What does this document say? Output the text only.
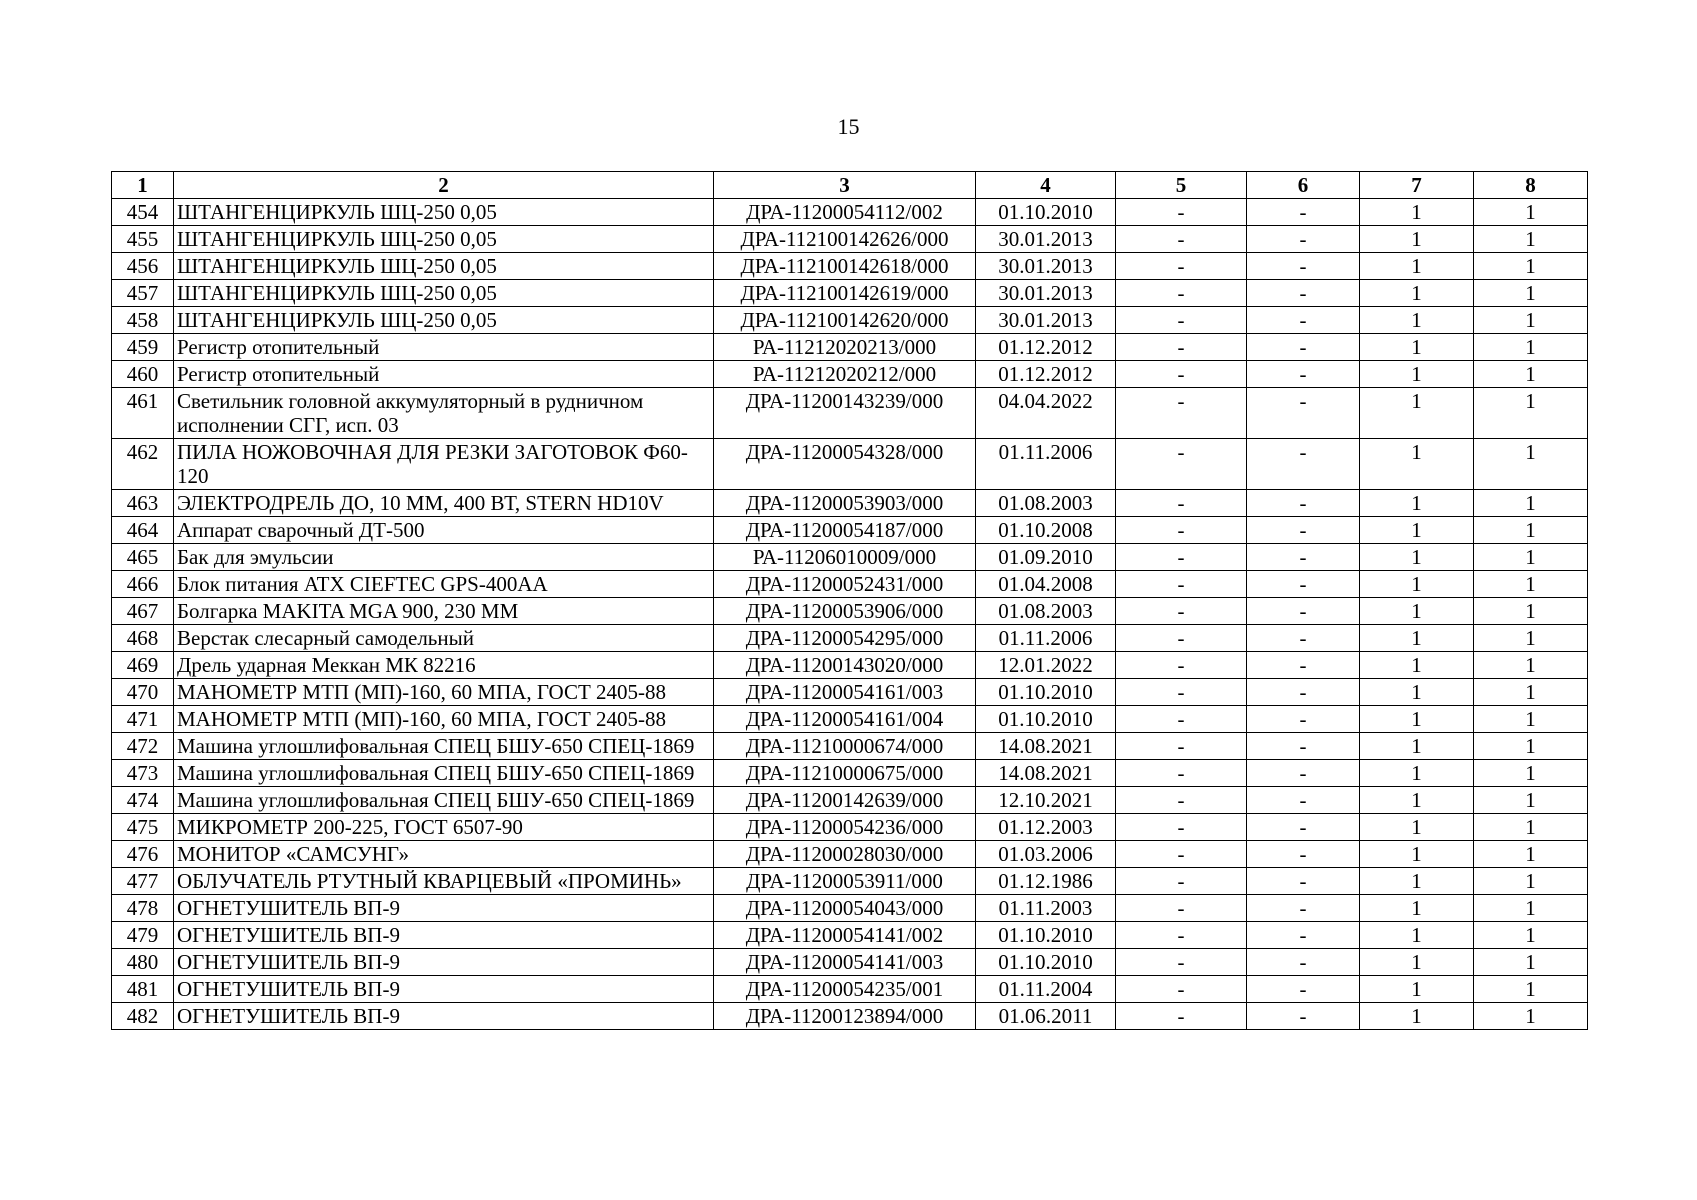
15
1	2	3	4	5	6	7	8
454	ШТАНГЕНЦИРКУЛЬ ШЦ-250 0,05	ДРА-11200054112/002	01.10.2010	-	-	1	1
455	ШТАНГЕНЦИРКУЛЬ ШЦ-250 0,05	ДРА-112100142626/000	30.01.2013	-	-	1	1
456	ШТАНГЕНЦИРКУЛЬ ШЦ-250 0,05	ДРА-112100142618/000	30.01.2013	-	-	1	1
457	ШТАНГЕНЦИРКУЛЬ ШЦ-250 0,05	ДРА-112100142619/000	30.01.2013	-	-	1	1
458	ШТАНГЕНЦИРКУЛЬ ШЦ-250 0,05	ДРА-112100142620/000	30.01.2013	-	-	1	1
459	Регистр отопительный	РА-11212020213/000	01.12.2012	-	-	1	1
460	Регистр отопительный	РА-11212020212/000	01.12.2012	-	-	1	1
461	Светильник головной аккумуляторный в рудничном исполнении СГГ, исп. 03	ДРА-11200143239/000	04.04.2022	-	-	1	1
462	ПИЛА НОЖОВОЧНАЯ ДЛЯ РЕЗКИ ЗАГОТОВОК Ф60-120	ДРА-11200054328/000	01.11.2006	-	-	1	1
463	ЭЛЕКТРОДРЕЛЬ ДО, 10 ММ, 400 ВТ, STERN HD10V	ДРА-11200053903/000	01.08.2003	-	-	1	1
464	Аппарат сварочный ДТ-500	ДРА-11200054187/000	01.10.2008	-	-	1	1
465	Бак для эмульсии	РА-11206010009/000	01.09.2010	-	-	1	1
466	Блок питания ATX CIEFTEC GPS-400AA	ДРА-11200052431/000	01.04.2008	-	-	1	1
467	Болгарка MAKITA MGA 900, 230 ММ	ДРА-11200053906/000	01.08.2003	-	-	1	1
468	Верстак слесарный самодельный	ДРА-11200054295/000	01.11.2006	-	-	1	1
469	Дрель ударная Меккан МК 82216	ДРА-11200143020/000	12.01.2022	-	-	1	1
470	МАНОМЕТР МТП (МП)-160, 60 МПА, ГОСТ 2405-88	ДРА-11200054161/003	01.10.2010	-	-	1	1
471	МАНОМЕТР МТП (МП)-160, 60 МПА, ГОСТ 2405-88	ДРА-11200054161/004	01.10.2010	-	-	1	1
472	Машина углошлифовальная СПЕЦ БШУ-650 СПЕЦ-1869	ДРА-11210000674/000	14.08.2021	-	-	1	1
473	Машина углошлифовальная СПЕЦ БШУ-650 СПЕЦ-1869	ДРА-11210000675/000	14.08.2021	-	-	1	1
474	Машина углошлифовальная СПЕЦ БШУ-650 СПЕЦ-1869	ДРА-11200142639/000	12.10.2021	-	-	1	1
475	МИКРОМЕТР 200-225, ГОСТ 6507-90	ДРА-11200054236/000	01.12.2003	-	-	1	1
476	МОНИТОР «САМСУНГ»	ДРА-11200028030/000	01.03.2006	-	-	1	1
477	ОБЛУЧАТЕЛЬ РТУТНЫЙ КВАРЦЕВЫЙ «ПРОМИНЬ»	ДРА-11200053911/000	01.12.1986	-	-	1	1
478	ОГНЕТУШИТЕЛЬ ВП-9	ДРА-11200054043/000	01.11.2003	-	-	1	1
479	ОГНЕТУШИТЕЛЬ ВП-9	ДРА-11200054141/002	01.10.2010	-	-	1	1
480	ОГНЕТУШИТЕЛЬ ВП-9	ДРА-11200054141/003	01.10.2010	-	-	1	1
481	ОГНЕТУШИТЕЛЬ ВП-9	ДРА-11200054235/001	01.11.2004	-	-	1	1
482	ОГНЕТУШИТЕЛЬ ВП-9	ДРА-11200123894/000	01.06.2011	-	-	1	1
